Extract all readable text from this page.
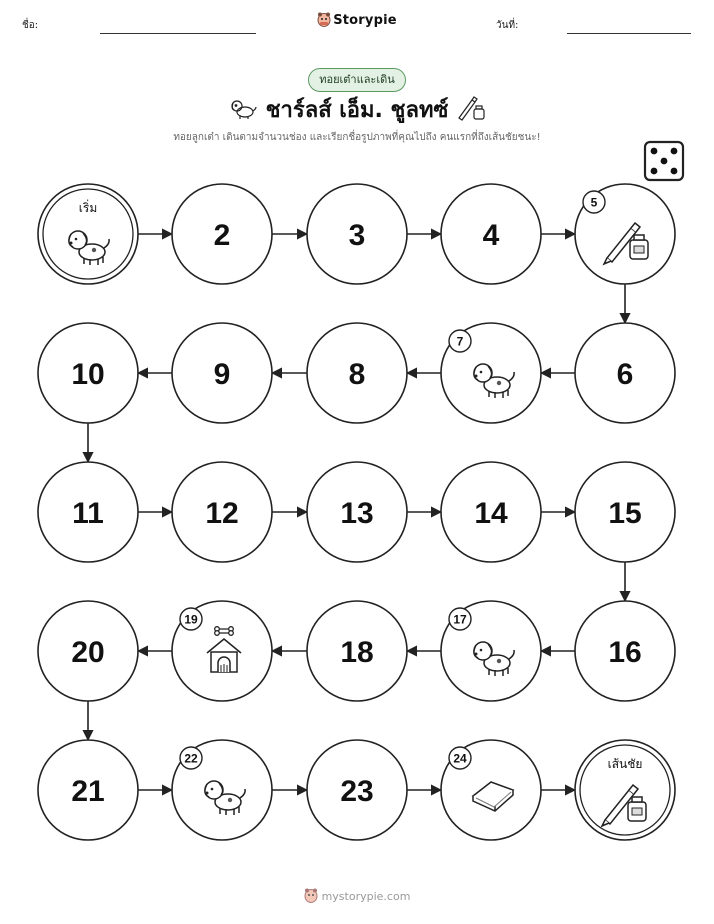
ชื่อ:	Storypie	วันที่:
ทอยเต๋าและเดิน
ชาร์ลส์ เอ็ม. ชูลทซ์
ทอยลูกเต๋า เดินตามจำนวนช่อง และเรียกชื่อรูปภาพที่คุณไปถึง คนแรกที่ถึงเส้นชัยชนะ!
เริ่ม
2	3	4
5
6
7
8
9
10
11	12	13	14	15
16
17
18
19
20
21
22
23
24	เส้นชัย
mystorypie.com
